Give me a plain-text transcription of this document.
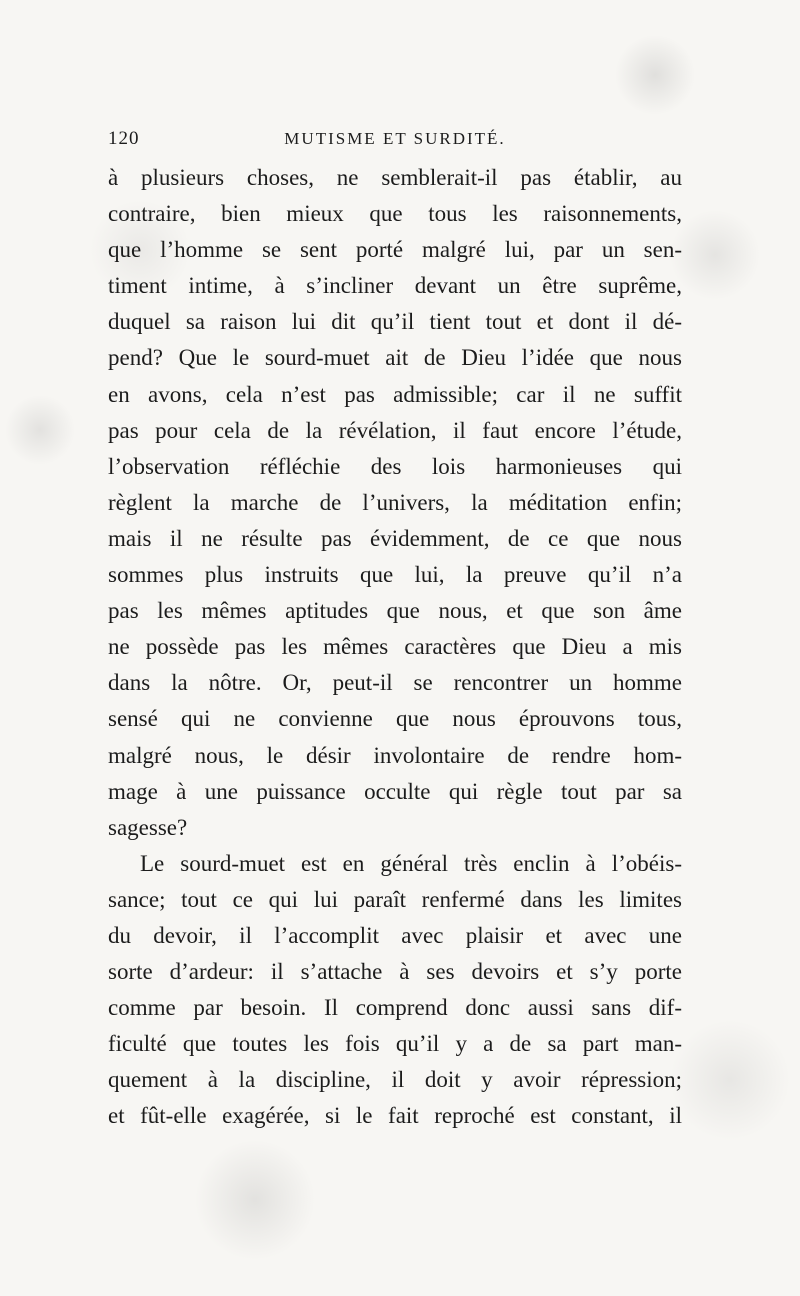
120	MUTISME ET SURDITÉ.
à plusieurs choses, ne semblerait-il pas établir, au
contraire, bien mieux que tous les raisonnements,
que l’homme se sent porté malgré lui, par un sen-
timent intime, à s’incliner devant un être suprême,
duquel sa raison lui dit qu’il tient tout et dont il dé-
pend? Que le sourd-muet ait de Dieu l’idée que nous
en avons, cela n’est pas admissible; car il ne suffit
pas pour cela de la révélation, il faut encore l’étude,
l’observation réfléchie des lois harmonieuses qui
règlent la marche de l’univers, la méditation enfin;
mais il ne résulte pas évidemment, de ce que nous
sommes plus instruits que lui, la preuve qu’il n’a
pas les mêmes aptitudes que nous, et que son âme
ne possède pas les mêmes caractères que Dieu a mis
dans la nôtre. Or, peut-il se rencontrer un homme
sensé qui ne convienne que nous éprouvons tous,
malgré nous, le désir involontaire de rendre hom-
mage à une puissance occulte qui règle tout par sa
sagesse?
Le sourd-muet est en général très enclin à l’obéis-
sance; tout ce qui lui paraît renfermé dans les limites
du devoir, il l’accomplit avec plaisir et avec une
sorte d’ardeur: il s’attache à ses devoirs et s’y porte
comme par besoin. Il comprend donc aussi sans dif-
ficulté que toutes les fois qu’il y a de sa part man-
quement à la discipline, il doit y avoir répression;
et fût-elle exagérée, si le fait reproché est constant, il
